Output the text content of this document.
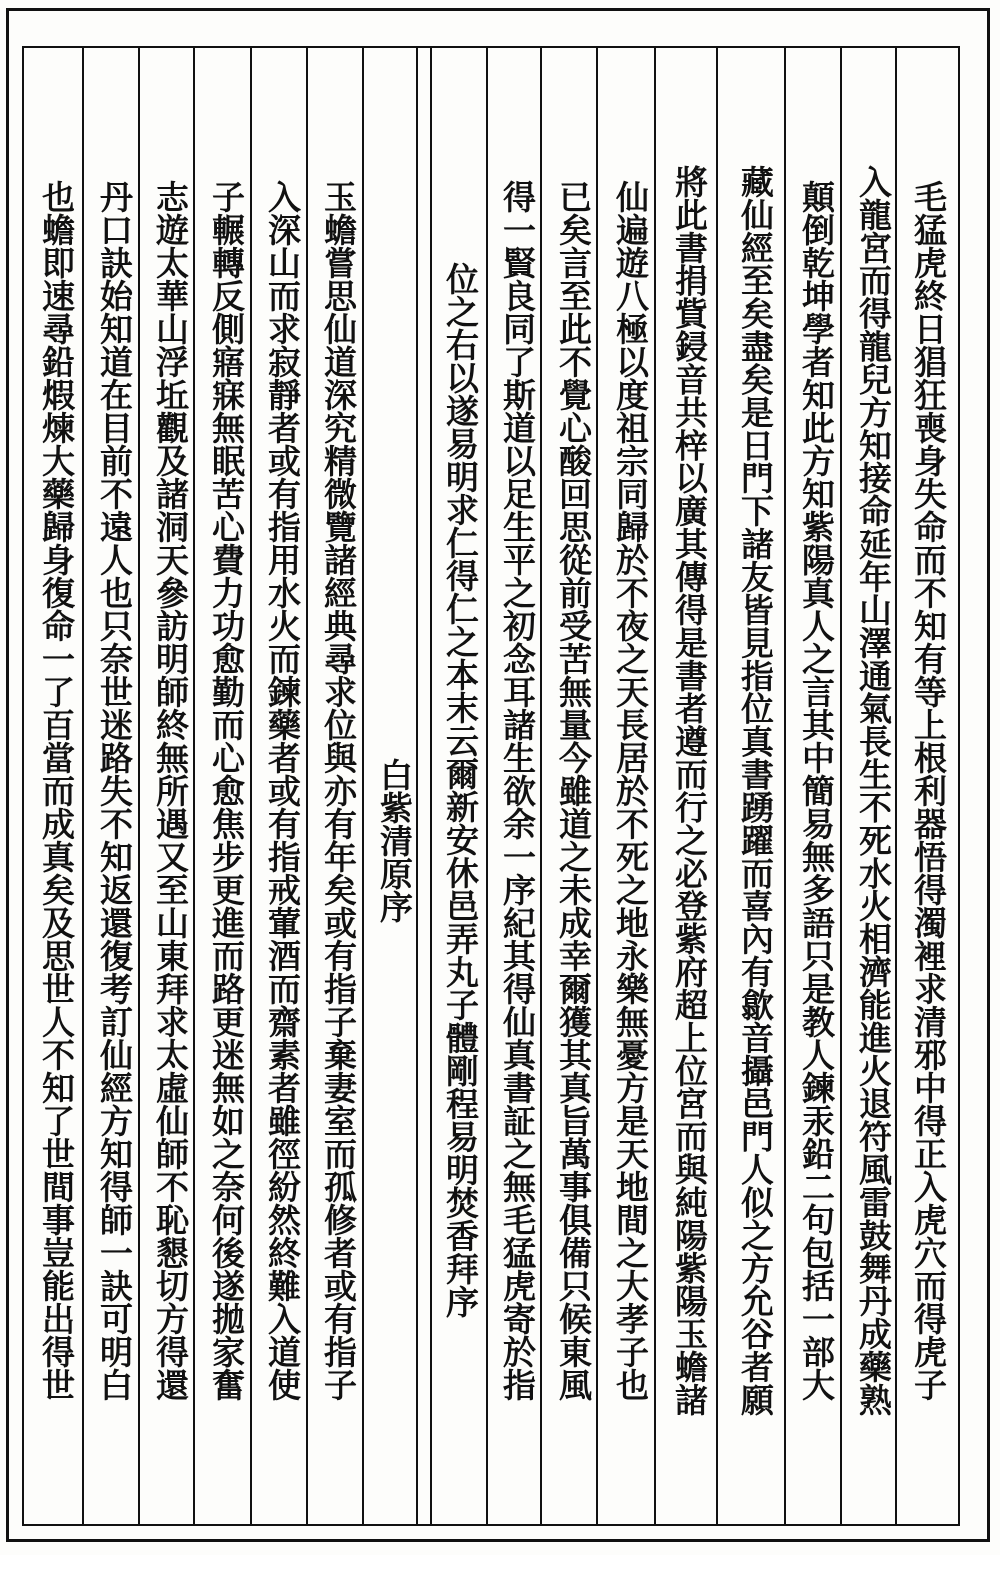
毛猛虎終日猖狂喪身失命而不知有等上根利器悟得濁裡求清邪中得正入虎穴而得虎子
入龍宮而得龍兒方知接命延年山澤通氣長生不死水火相濟能進火退符風雷鼓舞丹成藥熟
顛倒乾坤學者知此方知紫陽真人之言其中簡易無多語只是教人鍊汞鉛二句包括一部大
藏仙經至矣盡矣是日門下諸友皆見指位真書踴躍而喜內有歙音攝邑門人似之方允谷者願
將此書捐貲鋟音共梓以廣其傳得是書者遵而行之必登紫府超上位宮而與純陽紫陽玉蟾諸
仙遍遊八極以度祖宗同歸於不夜之天長居於不死之地永樂無憂方是天地間之大孝子也
已矣言至此不覺心酸回思從前受苦無量今雖道之未成幸爾獲其真旨萬事俱備只候東風
得一賢良同了斯道以足生平之初念耳諸生欲余一序紀其得仙真書証之無毛猛虎寄於指
位之右以遂易明求仁得仁之本末云爾新安休邑弄丸子體剛程易明焚香拜序
白紫清原序
玉蟾嘗思仙道深究精微覽諸經典尋求位與亦有年矣或有指子棄妻室而孤修者或有指子
入深山而求寂靜者或有指用水火而鍊藥者或有指戒葷酒而齋素者雖徑紛然終難入道使
子輾轉反側寤寐無眠苦心費力功愈勤而心愈焦步更進而路更迷無如之奈何後遂拋家奮
志遊太華山浮坵觀及諸洞天參訪明師終無所遇又至山東拜求太虛仙師不恥懇切方得還
丹口訣始知道在目前不遠人也只奈世迷路失不知返還復考訂仙經方知得師一訣可明白
也蟾即速尋鉛煆煉大藥歸身復命一了百當而成真矣及思世人不知了世間事豈能出得世
